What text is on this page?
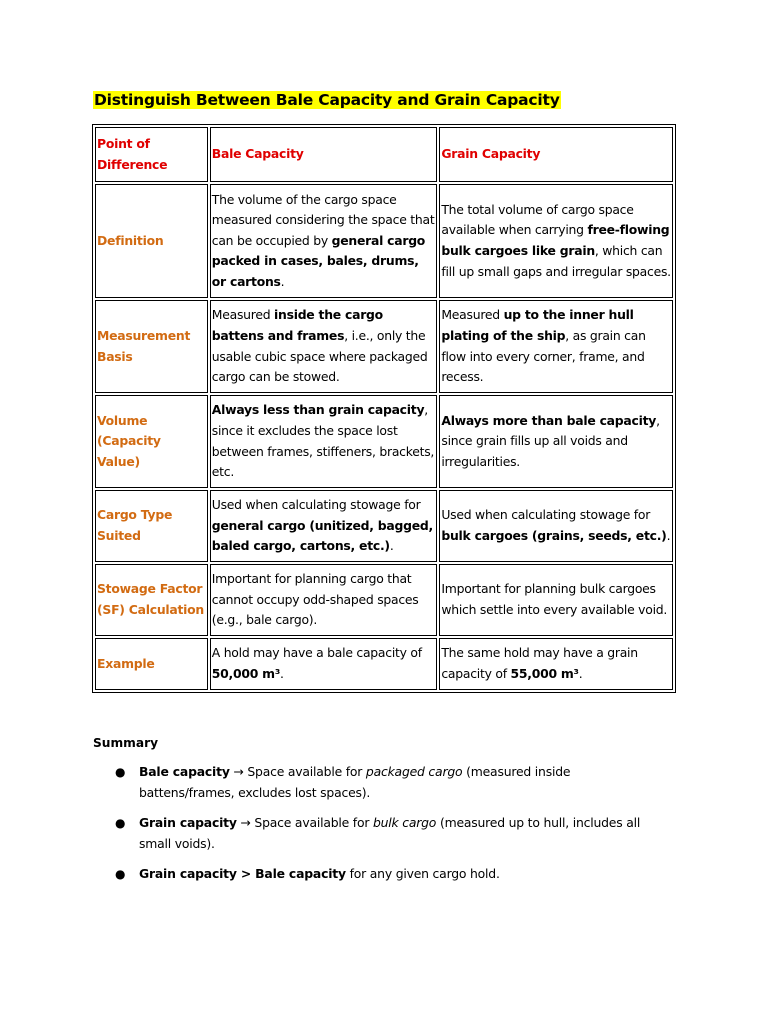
Distinguish Between Bale Capacity and Grain Capacity
Point of Difference	Bale Capacity	Grain Capacity
Definition	The volume of the cargo space measured considering the space that can be occupied by general cargo packed in cases, bales, drums, or cartons.	The total volume of cargo space available when carrying free-flowing bulk cargoes like grain, which can fill up small gaps and irregular spaces.
Measurement Basis	Measured inside the cargo battens and frames, i.e., only the usable cubic space where packaged cargo can be stowed.	Measured up to the inner hull plating of the ship, as grain can flow into every corner, frame, and recess.
Volume (Capacity Value)	Always less than grain capacity, since it excludes the space lost between frames, stiffeners, brackets, etc.	Always more than bale capacity, since grain fills up all voids and irregularities.
Cargo Type Suited	Used when calculating stowage for general cargo (unitized, bagged, baled cargo, cartons, etc.).	Used when calculating stowage for bulk cargoes (grains, seeds, etc.).
Stowage Factor (SF) Calculation	Important for planning cargo that cannot occupy odd-shaped spaces (e.g., bale cargo).	Important for planning bulk cargoes which settle into every available void.
Example	A hold may have a bale capacity of 50,000 m³.	The same hold may have a grain capacity of 55,000 m³.
Summary
● Bale capacity → Space available for packaged cargo (measured inside battens/frames, excludes lost spaces).
● Grain capacity → Space available for bulk cargo (measured up to hull, includes all small voids).
● Grain capacity > Bale capacity for any given cargo hold.
